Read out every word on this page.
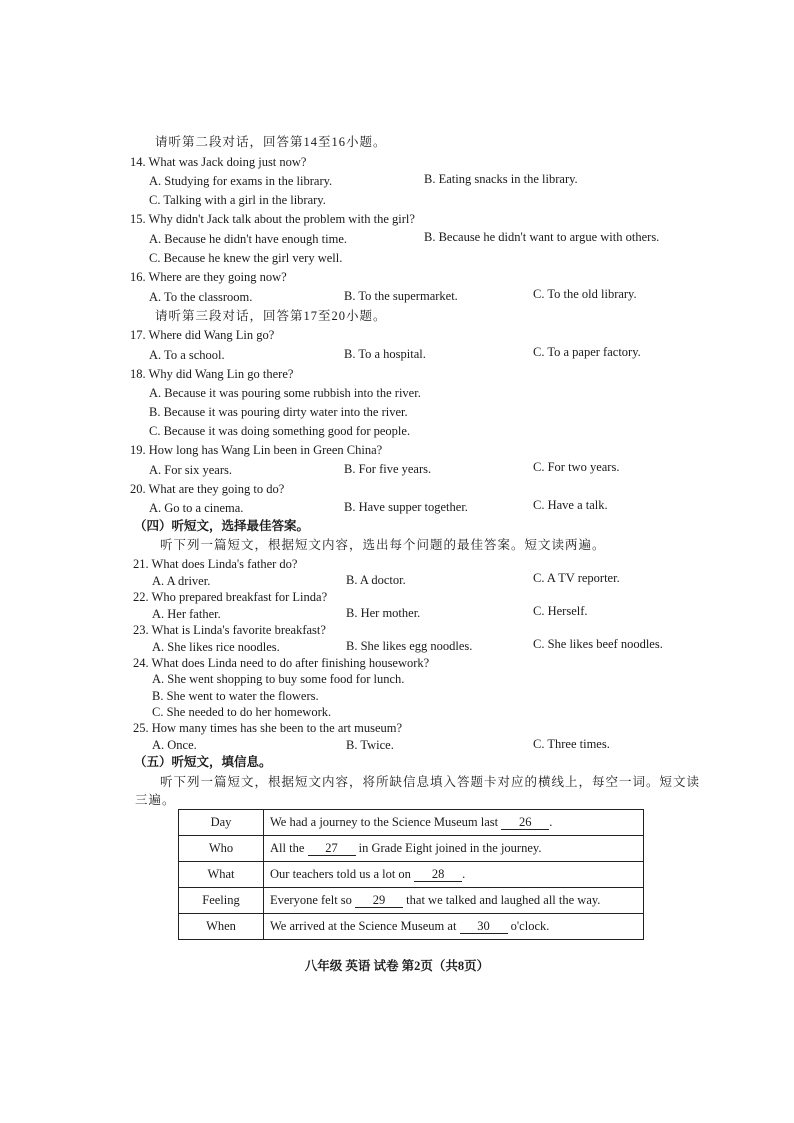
请听第二段对话，回答第14至16小题。
14. What was Jack doing just now?
A. Studying for exams in the library.	B. Eating snacks in the library.
C. Talking with a girl in the library.
15. Why didn't Jack talk about the problem with the girl?
A. Because he didn't have enough time.	B. Because he didn't want to argue with others.
C. Because he knew the girl very well.
16. Where are they going now?
A. To the classroom.	B. To the supermarket.	C. To the old library.
请听第三段对话，回答第17至20小题。
17. Where did Wang Lin go?
A. To a school.	B. To a hospital.	C. To a paper factory.
18. Why did Wang Lin go there?
A. Because it was pouring some rubbish into the river.
B. Because it was pouring dirty water into the river.
C. Because it was doing something good for people.
19. How long has Wang Lin been in Green China?
A. For six years.	B. For five years.	C. For two years.
20. What are they going to do?
A. Go to a cinema.	B. Have supper together.	C. Have a talk.
（四）听短文，选择最佳答案。
听下列一篇短文，根据短文内容，选出每个问题的最佳答案。短文读两遍。
21. What does Linda's father do?
A. A driver.	B. A doctor.	C. A TV reporter.
22. Who prepared breakfast for Linda?
A. Her father.	B. Her mother.	C. Herself.
23. What is Linda's favorite breakfast?
A. She likes rice noodles.	B. She likes egg noodles.	C. She likes beef noodles.
24. What does Linda need to do after finishing housework?
A. She went shopping to buy some food for lunch.
B. She went to water the flowers.
C. She needed to do her homework.
25. How many times has she been to the art museum?
A. Once.	B. Twice.	C. Three times.
（五）听短文，填信息。
听下列一篇短文，根据短文内容，将所缺信息填入答题卡对应的横线上，每空一词。短文读
三遍。
Day	We had a journey to the Science Museum last 26 .
Who	All the 27 in Grade Eight joined in the journey.
What	Our teachers told us a lot on 28 .
Feeling	Everyone felt so 29 that we talked and laughed all the way.
When	We arrived at the Science Museum at 30 o'clock.
八年级 英语 试卷 第2页（共8页）
